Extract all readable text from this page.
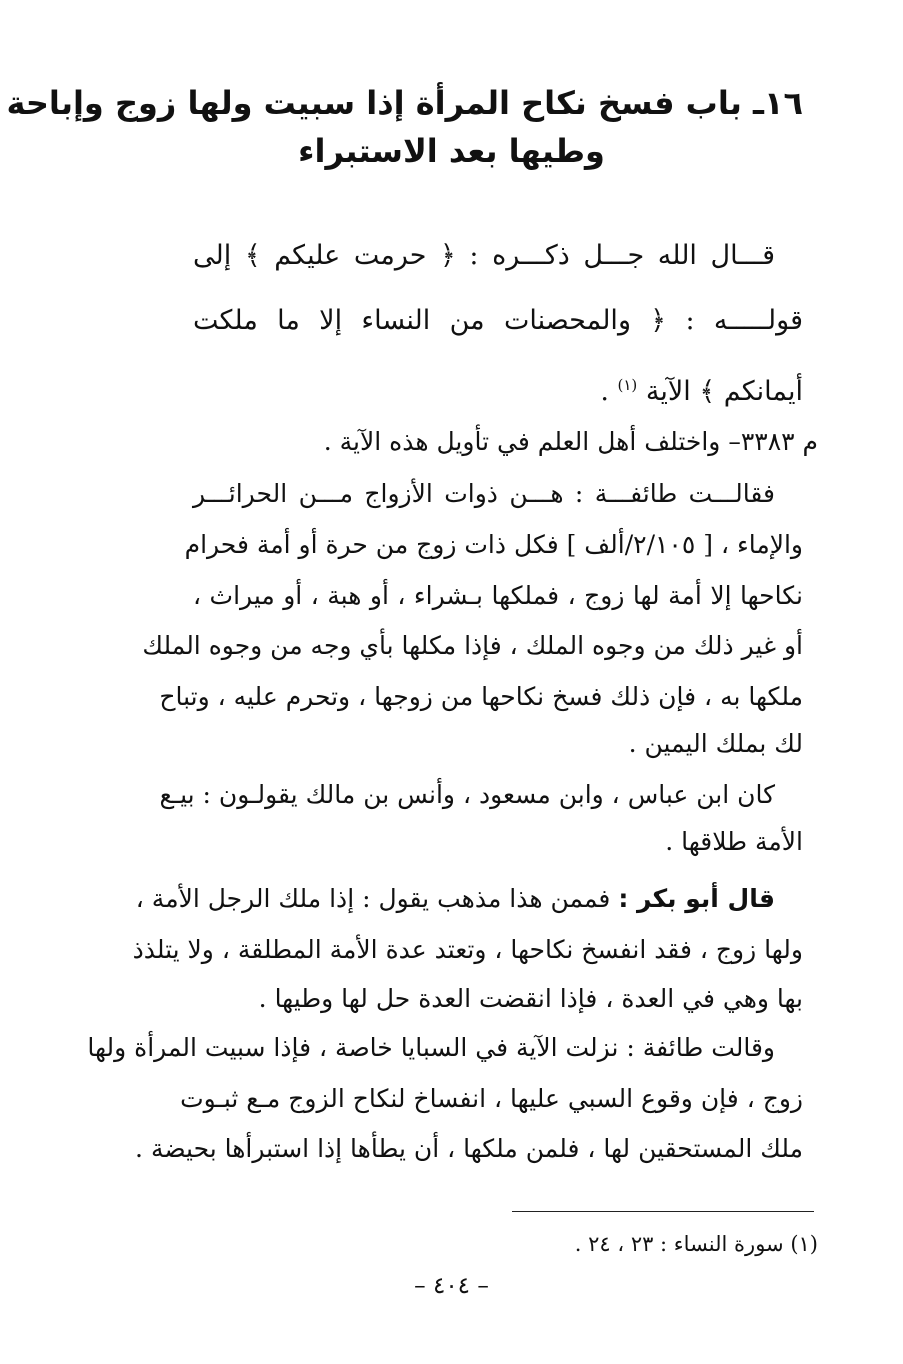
١٦ـ باب فسخ نكاح المرأة إذا سبيت ولها زوج وإباحة
وطيها بعد الاستبراء
قـــال الله جـــل ذكـــره : ﴿ حرمت عليكم ﴾ إلى
قولـــــه : ﴿ والمحصنات من النساء إلا ما ملكت
أيمانكم ﴾ الآية $^{(١)}$ .
م ٣٣٨٣– واختلف أهل العلم في تأويل هذه الآية .
فقالـــت طائفـــة : هـــن ذوات الأزواج مـــن الحرائـــر
والإماء ، [ ٢/١٠٥/ألف ] فكل ذات زوج من حرة أو أمة فحرام
نكاحها إلا أمة لها زوج ، فملكها بـشراء ، أو هبة ، أو ميراث ،
أو غير ذلك من وجوه الملك ، فإذا مكلها بأي وجه من وجوه الملك
ملكها به ، فإن ذلك فسخ نكاحها من زوجها ، وتحرم عليه ، وتباح
لك بملك اليمين .
كان ابن عباس ، وابن مسعود ، وأنس بن مالك يقولـون : بيـع
الأمة طلاقها .
قال أبو بكر : فممن هذا مذهب يقول : إذا ملك الرجل الأمة ،
ولها زوج ، فقد انفسخ نكاحها ، وتعتد عدة الأمة المطلقة ، ولا يتلذذ
بها وهي في العدة ، فإذا انقضت العدة حل لها وطيها .
وقالت طائفة : نزلت الآية في السبايا خاصة ، فإذا سبيت المرأة ولها
زوج ، فإن وقوع السبي عليها ، انفساخ لنكاح الزوج مـع ثبـوت
ملك المستحقين لها ، فلمن ملكها ، أن يطأها إذا استبرأها بحيضة .
(١) سورة النساء : ٢٣ ، ٢٤ .
– ٤٠٤ –
